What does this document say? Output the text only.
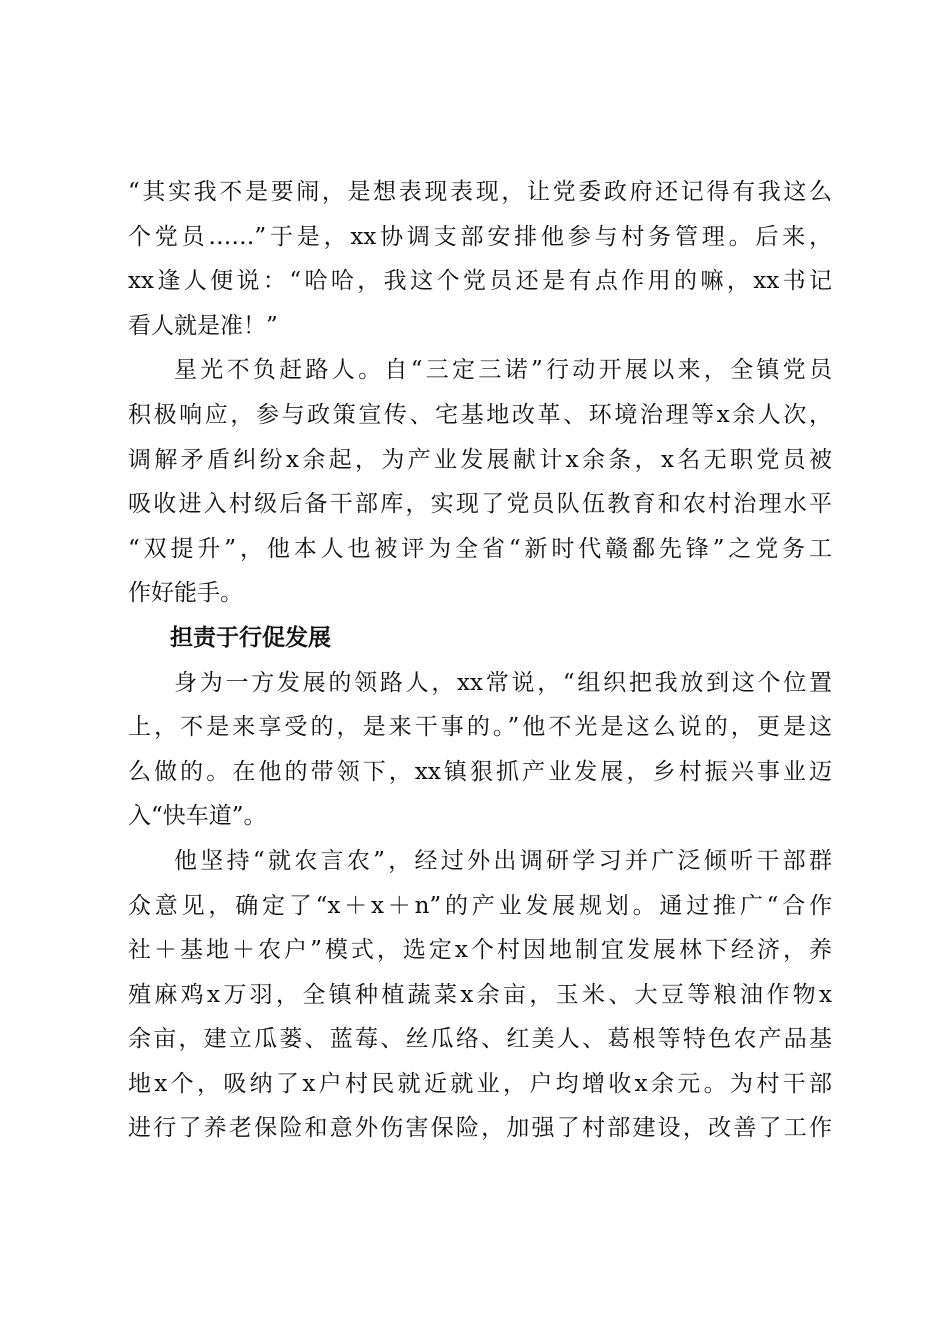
“其实我不是要闹，是想表现表现，让党委政府还记得有我这么
个党员……”于是，xx协调支部安排他参与村务管理。后来，
xx逢人便说：“哈哈，我这个党员还是有点作用的嘛，xx书记
看人就是准！”
星光不负赶路人。自“三定三诺”行动开展以来，全镇党员
积极响应，参与政策宣传、宅基地改革、环境治理等x余人次，
调解矛盾纠纷x余起，为产业发展献计x余条，x名无职党员被
吸收进入村级后备干部库，实现了党员队伍教育和农村治理水平
“双提升”，他本人也被评为全省“新时代赣鄱先锋”之党务工
作好能手。
担责于行促发展
身为一方发展的领路人，xx常说，“组织把我放到这个位置
上，不是来享受的，是来干事的。”他不光是这么说的，更是这
么做的。在他的带领下，xx镇狠抓产业发展，乡村振兴事业迈
入“快车道”。
他坚持“就农言农”，经过外出调研学习并广泛倾听干部群
众意见，确定了“x＋x＋n”的产业发展规划。通过推广“合作
社＋基地＋农户”模式，选定x个村因地制宜发展林下经济，养
殖麻鸡x万羽，全镇种植蔬菜x余亩，玉米、大豆等粮油作物x
余亩，建立瓜蒌、蓝莓、丝瓜络、红美人、葛根等特色农产品基
地x个，吸纳了x户村民就近就业，户均增收x余元。为村干部
进行了养老保险和意外伤害保险，加强了村部建设，改善了工作
